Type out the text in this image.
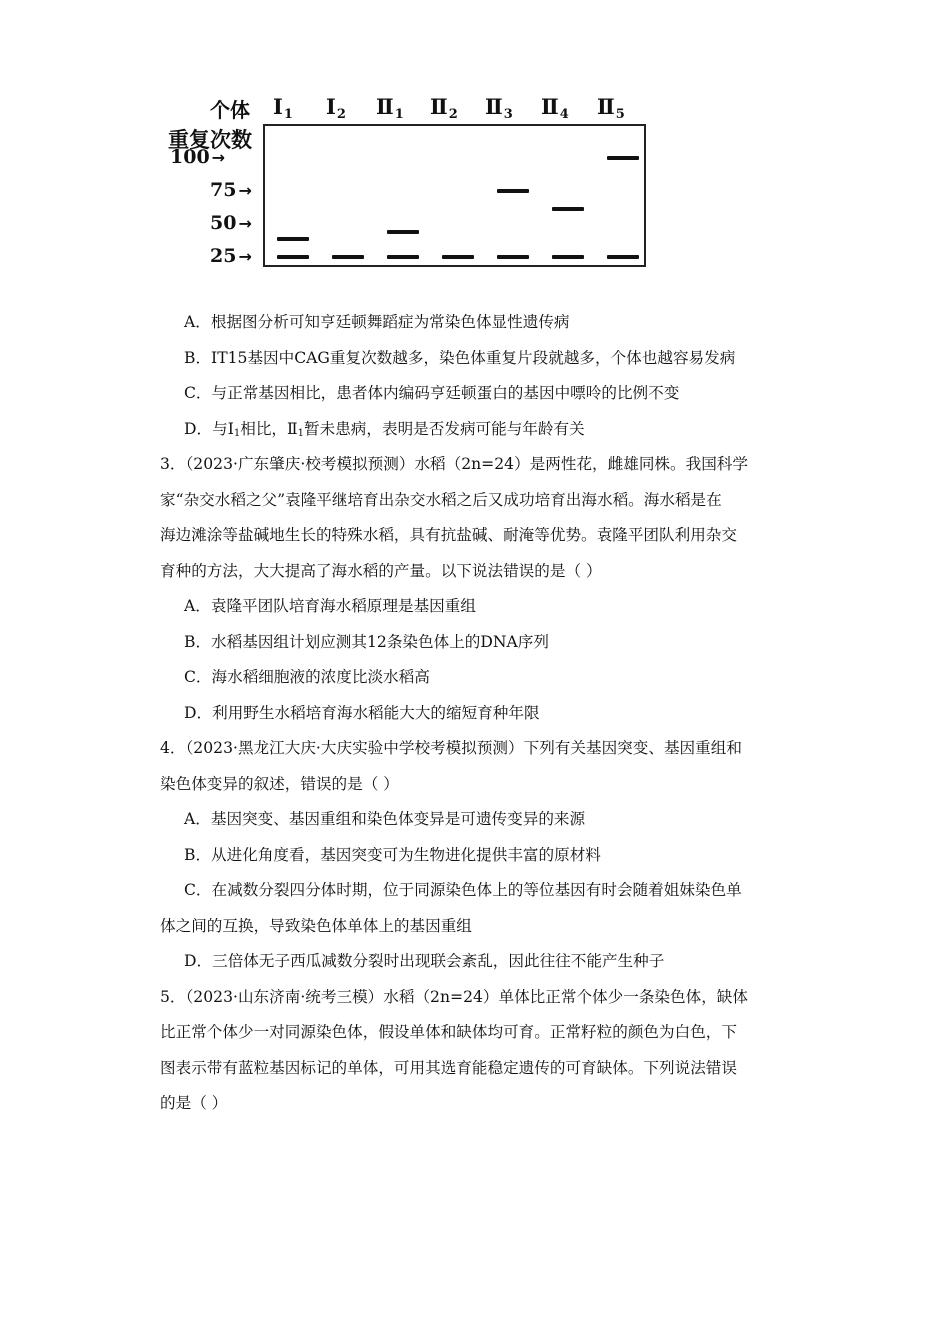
个体
重复次数
$Ⅰ_1$ $Ⅰ_2$ $Ⅱ_1$ $Ⅱ_2$ $Ⅱ_3$ $Ⅱ_4$ $Ⅱ_5$
100 →
75 →
50 →
25 →
A．根据图分析可知亨廷顿舞蹈症为常染色体显性遗传病
B．IT15基因中CAG重复次数越多，染色体重复片段就越多，个体也越容易发病
C．与正常基因相比，患者体内编码亨廷顿蛋白的基因中嘌呤的比例不变
D．与$Ⅰ_1$相比，$Ⅱ_1$暂未患病，表明是否发病可能与年龄有关
3．（2023·广东肇庆·校考模拟预测）水稻（2n=24）是两性花，雌雄同株。我国科学
家“杂交水稻之父”袁隆平继培育出杂交水稻之后又成功培育出海水稻。海水稻是在
海边滩涂等盐碱地生长的特殊水稻，具有抗盐碱、耐淹等优势。袁隆平团队利用杂交
育种的方法，大大提高了海水稻的产量。以下说法错误的是（ ）
A．袁隆平团队培育海水稻原理是基因重组
B．水稻基因组计划应测其12条染色体上的DNA序列
C．海水稻细胞液的浓度比淡水稻高
D．利用野生水稻培育海水稻能大大的缩短育种年限
4．（2023·黑龙江大庆·大庆实验中学校考模拟预测）下列有关基因突变、基因重组和
染色体变异的叙述，错误的是（ ）
A．基因突变、基因重组和染色体变异是可遗传变异的来源
B．从进化角度看，基因突变可为生物进化提供丰富的原材料
C．在减数分裂四分体时期，位于同源染色体上的等位基因有时会随着姐妹染色单
体之间的互换，导致染色体单体上的基因重组
D．三倍体无子西瓜减数分裂时出现联会紊乱，因此往往不能产生种子
5．（2023·山东济南·统考三模）水稻（2n=24）单体比正常个体少一条染色体，缺体
比正常个体少一对同源染色体，假设单体和缺体均可育。正常籽粒的颜色为白色，下
图表示带有蓝粒基因标记的单体，可用其选育能稳定遗传的可育缺体。下列说法错误
的是（ ）
